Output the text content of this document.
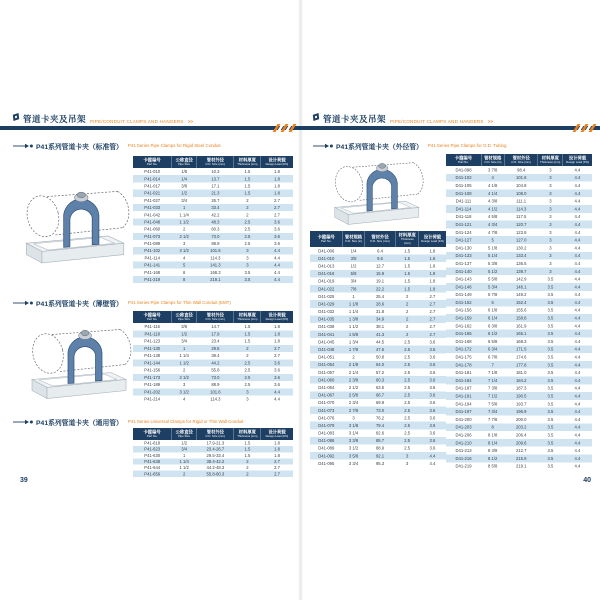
管道卡夹及吊架 PIPE/CONDUIT CLAMPS AND HANGERS >>
P41系列管道卡夹（标准管） P41 Series Pipe Clamps for Rigid Steel Conduit
卡箍编号
Part No.

公称直径
Pipe Size

管材外径
O.D. Size (mm)

材料厚度
Thickness (mm)

设计荷载
Design Load (KN)

P41-010	1/8	10.3	1.5	1.8
P41-014	1/4	13.7	1.5	1.8
P41-017	3/8	17.1	1.5	1.8
P41-021	1/2	21.3	1.5	1.8
P41-027	3/4	26.7	2	2.7
P41-033	1	33.4	2	2.7
P41-042	1 1/4	42.2	2	2.7
P41-048	1 1/2	48.3	2.5	3.6
P41-060	2	60.3	2.5	3.6
P41-073	2 1/2	73.0	2.5	3.6
P41-089	3	88.9	2.5	3.6
P41-102	3 1/2	101.6	3	4.4
P41-114	4	114.3	3	4.4
P41-141	5	141.3	3	4.4
P41-168	6	168.3	3.5	4.4
P41-219	8	219.1	3.5	4.4
P41系列管道卡夹（薄壁管） P41 Series Pipe Clamps for Thin Wall Conduit (EMT)
卡箍编号
Part No.

公称直径
Pipe Size

管材外径
O.D. Size (mm)

材料厚度
Thickness (mm)

设计荷载
Design Load (KN)

P41-115	3/8	14.7	1.5	1.8
P41-118	1/2	17.9	1.5	1.8
P41-123	3/4	23.4	1.5	1.8
P41-130	1	29.5	2	2.7
P41-138	1 1/4	38.4	2	2.7
P41-144	1 1/2	44.2	2.5	3.6
P41-156	2	55.8	2.5	3.6
P41-173	2 1/2	73.0	2.5	3.6
P41-189	3	88.9	2.5	3.6
P41-202	3 1/2	101.6	3	4.4
P41-214	4	114.3	3	4.4
P41系列管道卡夹（通用管） P41 Series Universal Clamps for Rigid or Thin Wall Conduit
卡箍编号
Part No.

公称直径
Pipe Size

管材外径
O.D. Size (mm)

材料厚度
Thickness (mm)

设计荷载
Design Load (KN)

P41-618	1/2	17.9-21.3	1.5	1.8
P41-623	3/4	23.4-26.7	1.5	1.8
P41-630	1	29.5-33.4	1.5	1.8
P41-638	1 1/4	38.4-42.2	2	2.7
P41-644	1 1/2	44.2-48.3	2	2.7
P41-656	2	55.8-60.3	2	2.7
39
管道卡夹及吊架 PIPE/CONDUIT CLAMPS AND HANGERS >>
P41系列管道卡夹（外径管） P41 Series Pipe Clamps for O.D. Tubing
卡箍编号
Part No.

管材规格
O.D. Size (in)

管材外径
O.D. Size (mm)

材料厚度
Thickness (mm)

设计荷载
Design Load (KN)

D41-098	3 7/8	98.4	3	4.4
D41-102	4	101.6	3	4.4
D41-105	4 1/8	104.8	3	4.4
D41-108	4 1/4	108.0	3	4.4
D41-111	4 3/8	111.1	3	4.4
D41-114	4 1/2	114.3	3	4.4
D41-118	4 5/8	117.5	3	4.4
D41-121	4 3/4	120.7	3	4.4
D41-124	4 7/8	123.8	3	4.4
D41-127	5	127.0	3	4.4
D41-130	5 1/8	130.2	3	4.4
D41-133	5 1/4	133.4	3	4.4
D41-137	5 3/8	136.5	3	4.4
D41-140	5 1/2	139.7	3	4.4
D41-143	5 5/8	142.9	3.5	4.4
D41-146	5 3/4	146.1	3.5	4.4
D41-149	5 7/8	149.2	3.5	4.4
D41-152	6	152.4	3.5	4.4
D41-156	6 1/8	155.6	3.5	4.4
D41-159	6 1/4	158.8	3.5	4.4
D41-162	6 3/8	161.9	3.5	4.4
D41-165	6 1/2	165.1	3.5	4.4
D41-168	6 5/8	168.3	3.5	4.4
D41-172	6 3/4	171.5	3.5	4.4
D41-175	6 7/8	174.6	3.5	4.4
D41-178	7	177.8	3.5	4.4
D41-181	7 1/8	181.0	3.5	4.4
D41-184	7 1/4	184.2	3.5	4.4
D41-187	7 3/8	187.3	3.5	4.4
D41-191	7 1/2	190.5	3.5	4.4
D41-194	7 5/8	193.7	3.5	4.4
D41-197	7 3/4	196.9	3.5	4.4
D41-200	7 7/8	200.0	3.5	4.4
D41-203	8	203.2	3.5	4.4
D41-206	8 1/8	206.4	3.5	4.4
D41-210	8 1/4	209.6	3.5	4.4
D41-213	8 3/8	212.7	3.5	4.4
D41-216	8 1/2	215.9	3.5	4.4
D41-219	8 5/8	219.1	3.5	4.4
卡箍编号
Part No.

管材规格
O.D. Size (in)

管材外径
O.D. Size (mm)

材料厚度
Thickness (mm)

设计荷载
Design Load (KN)

D41-006	1/4	6.4	1.5	1.8
D41-010	3/8	9.5	1.5	1.8
D41-013	1/2	12.7	1.5	1.8
D41-016	5/8	15.9	1.5	1.8
D41-019	3/4	19.1	1.5	1.8
D41-022	7/8	22.2	1.5	1.8
D41-025	1	25.4	2	2.7
D41-029	1 1/8	28.6	2	2.7
D41-032	1 1/4	31.8	2	2.7
D41-035	1 3/8	34.9	2	2.7
D41-038	1 1/2	38.1	2	2.7
D41-041	1 5/8	41.3	2	2.7
D41-045	1 3/4	44.5	2.5	3.6
D41-048	1 7/8	47.6	2.5	3.6
D41-051	2	50.8	2.5	3.6
D41-054	2 1/8	54.0	2.5	3.6
D41-057	2 1/4	57.2	2.5	3.6
D41-060	2 3/8	60.3	2.5	3.6
D41-064	2 1/2	63.5	2.5	3.6
D41-067	2 5/8	66.7	2.5	3.6
D41-070	2 3/4	69.9	2.5	3.6
D41-073	2 7/8	73.0	2.5	3.6
D41-076	3	76.2	2.5	3.6
D41-079	3 1/8	79.4	2.5	3.6
D41-083	3 1/4	82.6	2.5	3.6
D41-086	3 3/8	85.7	2.5	3.6
D41-089	3 1/2	88.9	2.5	3.6
D41-092	3 5/8	92.1	3	4.4
D41-095	3 3/4	95.3	3	4.4
40
